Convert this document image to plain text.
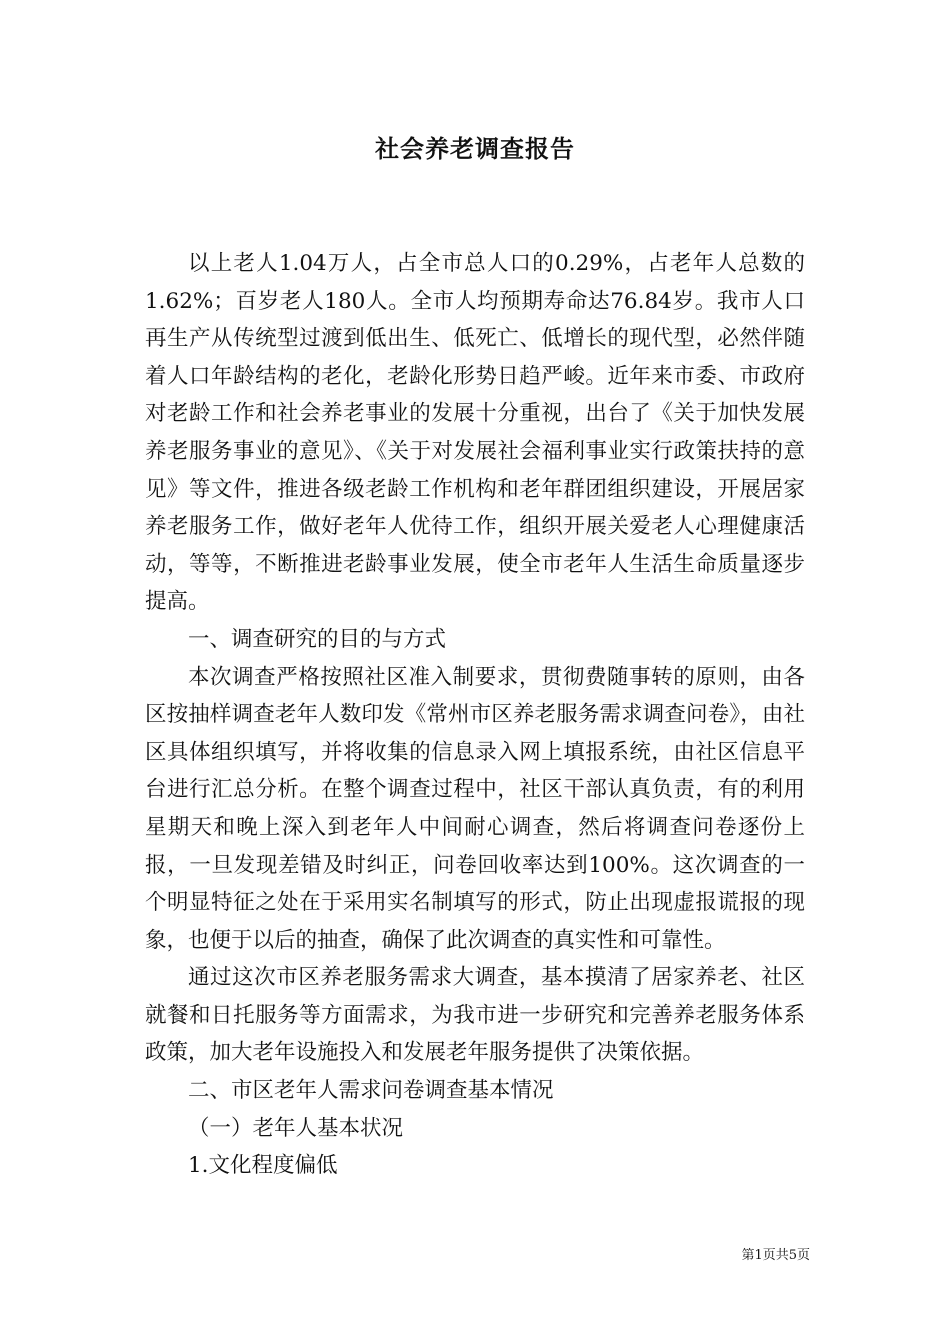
社会养老调查报告

以上老人1.04万人，占全市总人口的0.29%，占老年人总数的1.62%；百岁老人180人。全市人均预期寿命达76.84岁。我市人口再生产从传统型过渡到低出生、低死亡、低增长的现代型，必然伴随着人口年龄结构的老化，老龄化形势日趋严峻。近年来市委、市政府对老龄工作和社会养老事业的发展十分重视，出台了《关于加快发展养老服务事业的意见》、《关于对发展社会福利事业实行政策扶持的意见》等文件，推进各级老龄工作机构和老年群团组织建设，开展居家养老服务工作，做好老年人优待工作，组织开展关爱老人心理健康活动，等等，不断推进老龄事业发展，使全市老年人生活生命质量逐步提高。

一、调查研究的目的与方式

本次调查严格按照社区准入制要求，贯彻费随事转的原则，由各区按抽样调查老年人数印发《常州市区养老服务需求调查问卷》，由社区具体组织填写，并将收集的信息录入网上填报系统，由社区信息平台进行汇总分析。在整个调查过程中，社区干部认真负责，有的利用星期天和晚上深入到老年人中间耐心调查，然后将调查问卷逐份上报，一旦发现差错及时纠正，问卷回收率达到100%。这次调查的一个明显特征之处在于采用实名制填写的形式，防止出现虚报谎报的现象，也便于以后的抽查，确保了此次调查的真实性和可靠性。

通过这次市区养老服务需求大调查，基本摸清了居家养老、社区就餐和日托服务等方面需求，为我市进一步研究和完善养老服务体系政策，加大老年设施投入和发展老年服务提供了决策依据。

二、市区老年人需求问卷调查基本情况

（一）老年人基本状况

1.文化程度偏低

第1页共5页
